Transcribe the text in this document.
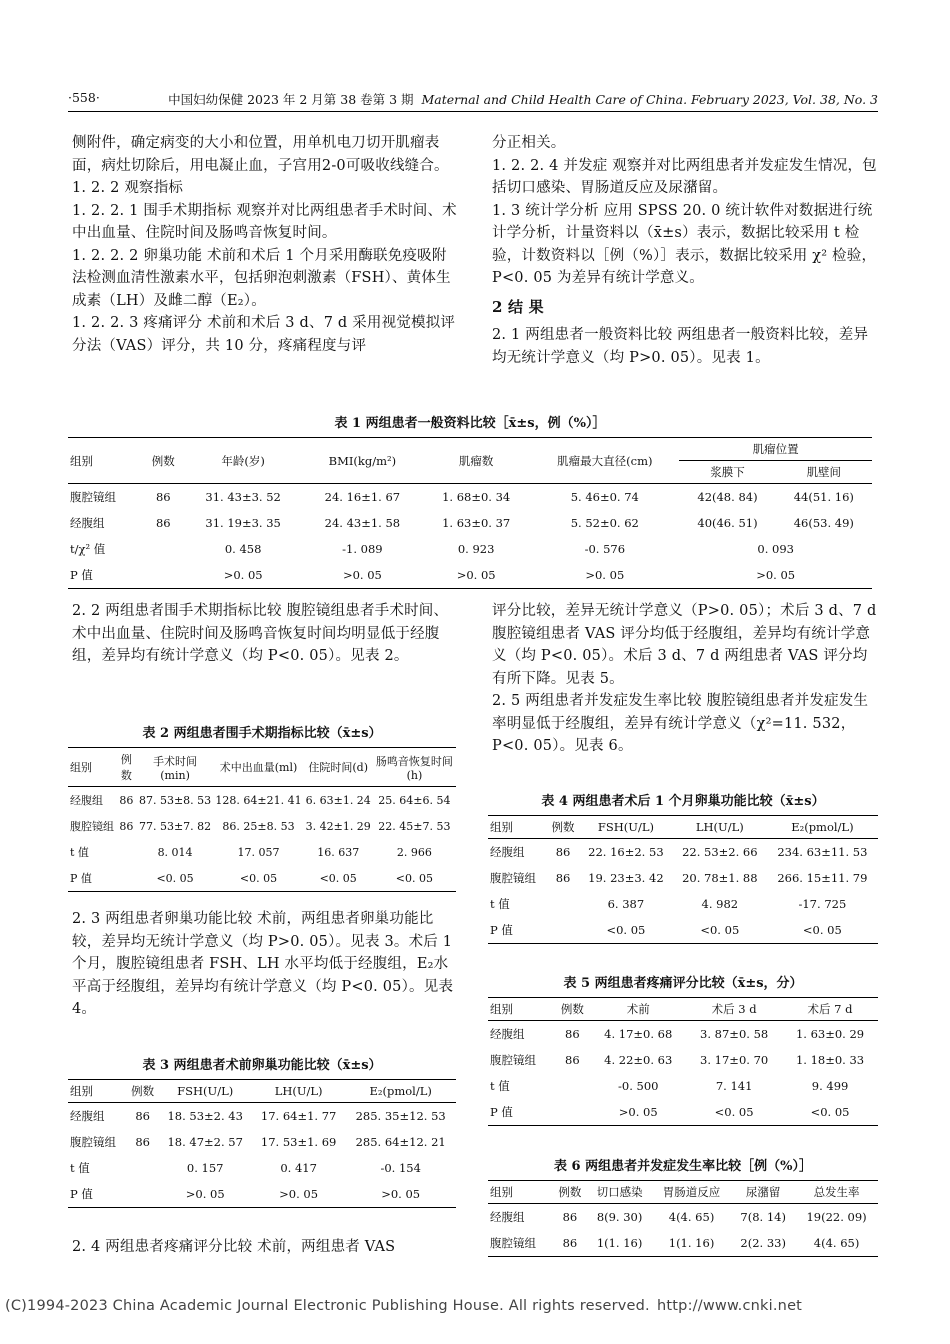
·558·	中国妇幼保健 2023 年 2 月第 38 卷第 3 期 Maternal and Child Health Care of China. February 2023, Vol. 38, No. 3

侧附件，确定病变的大小和位置，用单机电刀切开肌瘤表面，病灶切除后，用电凝止血，子宫用2-0可吸收线缝合。

1. 2. 2 观察指标

1. 2. 2. 1 围手术期指标 观察并对比两组患者手术时间、术中出血量、住院时间及肠鸣音恢复时间。

1. 2. 2. 2 卵巢功能 术前和术后 1 个月采用酶联免疫吸附法检测血清性激素水平，包括卵泡刺激素（FSH）、黄体生成素（LH）及雌二醇（E₂）。

1. 2. 2. 3 疼痛评分 术前和术后 3 d、7 d 采用视觉模拟评分法（VAS）评分，共 10 分，疼痛程度与评

分正相关。

1. 2. 2. 4 并发症 观察并对比两组患者并发症发生情况，包括切口感染、胃肠道反应及尿潴留。

1. 3 统计学分析 应用 SPSS 20. 0 统计软件对数据进行统计学分析，计量资料以（x̄±s）表示，数据比较采用 t 检验，计数资料以［例（%）］表示，数据比较采用 χ² 检验，P<0. 05 为差异有统计学意义。

2 结 果

2. 1 两组患者一般资料比较 两组患者一般资料比较，差异均无统计学意义（均 P>0. 05）。见表 1。

表 1 两组患者一般资料比较［x̄±s，例（%）］
组别	例数	年龄(岁)	BMI(kg/m²)	肌瘤数	肌瘤最大直径(cm)	肌瘤位置	
						浆膜下	肌壁间
腹腔镜组	86	31. 43±3. 52	24. 16±1. 67	1. 68±0. 34	5. 46±0. 74	42(48. 84)	44(51. 16)
经腹组	86	31. 19±3. 35	24. 43±1. 58	1. 63±0. 37	5. 52±0. 62	40(46. 51)	46(53. 49)
t/χ² 值		0. 458	-1. 089	0. 923	-0. 576	0. 093	
P 值		>0. 05	>0. 05	>0. 05	>0. 05	>0. 05	

2. 2 两组患者围手术期指标比较 腹腔镜组患者手术时间、术中出血量、住院时间及肠鸣音恢复时间均明显低于经腹组，差异均有统计学意义（均 P<0. 05）。见表 2。

表 2 两组患者围手术期指标比较（x̄±s）
组别	例数	手术时间(min)	术中出血量(ml)	住院时间(d)	肠鸣音恢复时间(h)
经腹组	86	87. 53±8. 53	128. 64±21. 41	6. 63±1. 24	25. 64±6. 54
腹腔镜组	86	77. 53±7. 82	86. 25±8. 53	3. 42±1. 29	22. 45±7. 53
t 值		8. 014	17. 057	16. 637	2. 966
P 值		<0. 05	<0. 05	<0. 05	<0. 05

2. 3 两组患者卵巢功能比较 术前，两组患者卵巢功能比较，差异均无统计学意义（均 P>0. 05）。见表 3。术后 1 个月，腹腔镜组患者 FSH、LH 水平均低于经腹组，E₂水平高于经腹组，差异均有统计学意义（均 P<0. 05）。见表 4。

表 3 两组患者术前卵巢功能比较（x̄±s）
组别	例数	FSH(U/L)	LH(U/L)	E₂(pmol/L)
经腹组	86	18. 53±2. 43	17. 64±1. 77	285. 35±12. 53
腹腔镜组	86	18. 47±2. 57	17. 53±1. 69	285. 64±12. 21
t 值		0. 157	0. 417	-0. 154
P 值		>0. 05	>0. 05	>0. 05

2. 4 两组患者疼痛评分比较 术前，两组患者 VAS

评分比较，差异无统计学意义（P>0. 05）；术后 3 d、7 d 腹腔镜组患者 VAS 评分均低于经腹组，差异均有统计学意义（均 P<0. 05）。术后 3 d、7 d 两组患者 VAS 评分均有所下降。见表 5。

2. 5 两组患者并发症发生率比较 腹腔镜组患者并发症发生率明显低于经腹组，差异有统计学意义（χ²=11. 532，P<0. 05）。见表 6。

表 4 两组患者术后 1 个月卵巢功能比较（x̄±s）
组别	例数	FSH(U/L)	LH(U/L)	E₂(pmol/L)
经腹组	86	22. 16±2. 53	22. 53±2. 66	234. 63±11. 53
腹腔镜组	86	19. 23±3. 42	20. 78±1. 88	266. 15±11. 79
t 值		6. 387	4. 982	-17. 725
P 值		<0. 05	<0. 05	<0. 05
表 5 两组患者疼痛评分比较（x̄±s，分）
组别	例数	术前	术后 3 d	术后 7 d
经腹组	86	4. 17±0. 68	3. 87±0. 58	1. 63±0. 29
腹腔镜组	86	4. 22±0. 63	3. 17±0. 70	1. 18±0. 33
t 值		-0. 500	7. 141	9. 499
P 值		>0. 05	<0. 05	<0. 05
表 6 两组患者并发症发生率比较［例（%）］
组别	例数	切口感染	胃肠道反应	尿潴留	总发生率
经腹组	86	8(9. 30)	4(4. 65)	7(8. 14)	19(22. 09)
腹腔镜组	86	1(1. 16)	1(1. 16)	2(2. 33)	4(4. 65)
(C)1994-2023 China Academic Journal Electronic Publishing House. All rights reserved. http://www.cnki.net
